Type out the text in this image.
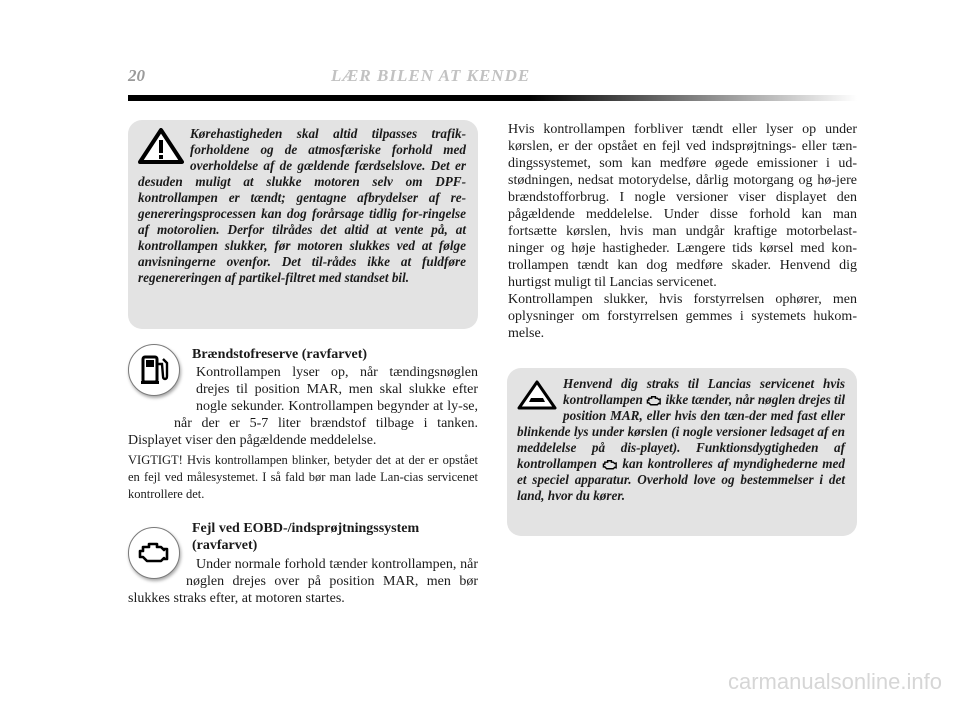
20	LÆR BILEN AT KENDE
Kørehastigheden skal altid tilpasses trafik-forholdene og de atmosfæriske forhold med overholdelse af de gældende færdselslove. Det er desuden muligt at slukke motoren selv om DPF-kontrollampen er tændt; gentagne afbrydelser af re-genereringsprocessen kan dog forårsage tidlig for-ringelse af motorolien. Derfor tilrådes det altid at vente på, at kontrollampen slukker, før motoren slukkes ved at følge anvisningerne ovenfor. Det til-rådes ikke at fuldføre regenereringen af partikel-filtret med standset bil.
Brændstofreserve (ravfarvet)
Kontrollampen lyser op, når tændingsnøglen drejes til position MAR, men skal slukke efter nogle sekunder. Kontrollampen begynder at ly-se, når der er 5-7 liter brændstof tilbage i tanken. Displayet viser den pågældende meddelelse.
VIGTIGT! Hvis kontrollampen blinker, betyder det at der er opstået en fejl ved målesystemet. I så fald bør man lade Lan-cias servicenet kontrollere det.
Fejl ved EOBD-/indsprøjtningssystem (ravfarvet)
Under normale forhold tænder kontrollampen, når nøglen drejes over på position MAR, men bør slukkes straks efter, at motoren startes.

Hvis kontrollampen forbliver tændt eller lyser op under kørslen, er der opstået en fejl ved indsprøjtnings- eller tæn-dingssystemet, som kan medføre øgede emissioner i ud-stødningen, nedsat motorydelse, dårlig motorgang og hø-jere brændstofforbrug. I nogle versioner viser displayet den pågældende meddelelse. Under disse forhold kan man fortsætte kørslen, hvis man undgår kraftige motorbelast-ninger og høje hastigheder. Længere tids kørsel med kon-trollampen tændt kan dog medføre skader. Henvend dig hurtigst muligt til Lancias servicenet.

Kontrollampen slukker, hvis forstyrrelsen ophører, men oplysninger om forstyrrelsen gemmes i systemets hukom-melse.

Henvend dig straks til Lancias servicenet hvis kontrollampen ikke tænder, når nøglen drejes til position MAR, eller hvis den tæn-der med fast eller blinkende lys under kørslen (i nogle versioner ledsaget af en meddelelse på dis-playet). Funktionsdygtigheden af kontrollampen kan kontrolleres af myndighederne med et speciel apparatur. Overhold love og bestemmelser i det land, hvor du kører.
carmanualsonline.info
